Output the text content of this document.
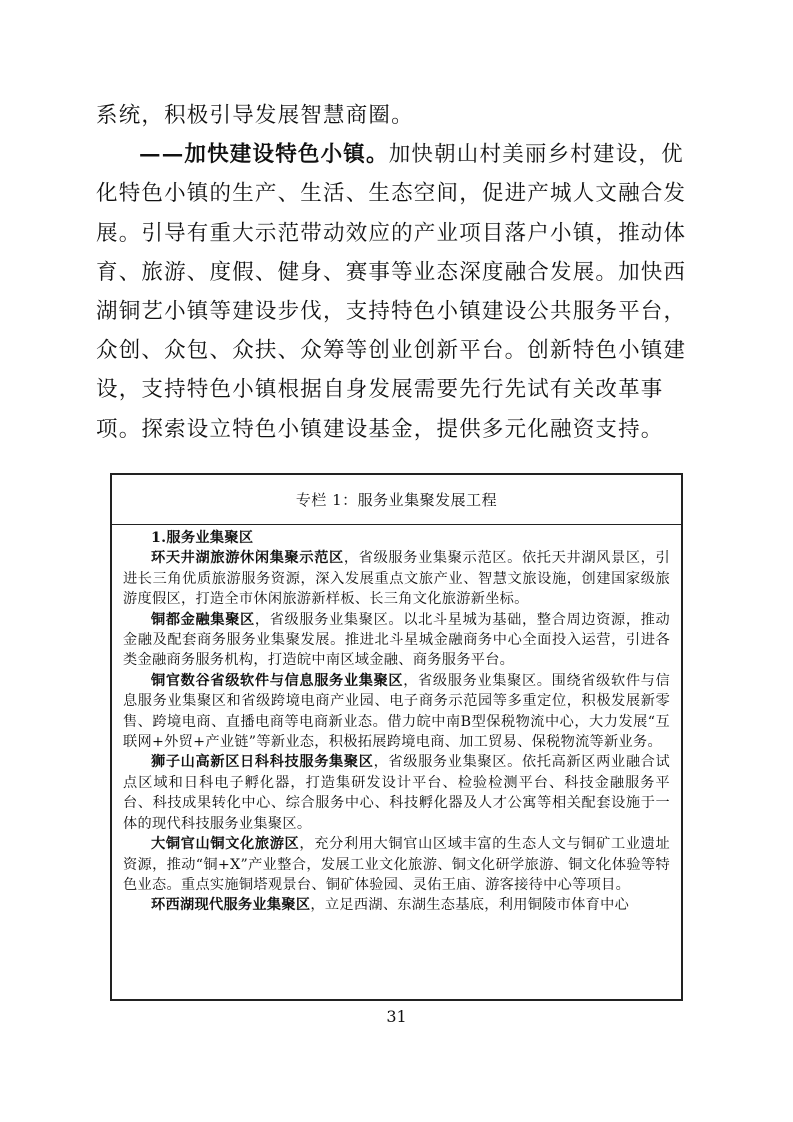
系统，积极引导发展智慧商圈。

——加快建设特色小镇。加快朝山村美丽乡村建设，优化特色小镇的生产、生活、生态空间，促进产城人文融合发展。引导有重大示范带动效应的产业项目落户小镇，推动体育、旅游、度假、健身、赛事等业态深度融合发展。加快西湖铜艺小镇等建设步伐，支持特色小镇建设公共服务平台，众创、众包、众扶、众筹等创业创新平台。创新特色小镇建设，支持特色小镇根据自身发展需要先行先试有关改革事项。探索设立特色小镇建设基金，提供多元化融资支持。

专栏 1：服务业集聚发展工程

1.服务业集聚区

环天井湖旅游休闲集聚示范区，省级服务业集聚示范区。依托天井湖风景区，引进长三角优质旅游服务资源，深入发展重点文旅产业、智慧文旅设施，创建国家级旅游度假区，打造全市休闲旅游新样板、长三角文化旅游新坐标。

铜都金融集聚区，省级服务业集聚区。以北斗星城为基础，整合周边资源，推动金融及配套商务服务业集聚发展。推进北斗星城金融商务中心全面投入运营，引进各类金融商务服务机构，打造皖中南区域金融、商务服务平台。

铜官数谷省级软件与信息服务业集聚区，省级服务业集聚区。围绕省级软件与信息服务业集聚区和省级跨境电商产业园、电子商务示范园等多重定位，积极发展新零售、跨境电商、直播电商等电商新业态。借力皖中南B型保税物流中心，大力发展“互联网+外贸+产业链”等新业态，积极拓展跨境电商、加工贸易、保税物流等新业务。

狮子山高新区日科科技服务集聚区，省级服务业集聚区。依托高新区两业融合试点区域和日科电子孵化器，打造集研发设计平台、检验检测平台、科技金融服务平台、科技成果转化中心、综合服务中心、科技孵化器及人才公寓等相关配套设施于一体的现代科技服务业集聚区。

大铜官山铜文化旅游区，充分利用大铜官山区域丰富的生态人文与铜矿工业遗址资源，推动“铜+X”产业整合，发展工业文化旅游、铜文化研学旅游、铜文化体验等特色业态。重点实施铜塔观景台、铜矿体验园、灵佑王庙、游客接待中心等项目。

环西湖现代服务业集聚区，立足西湖、东湖生态基底，利用铜陵市体育中心

31
